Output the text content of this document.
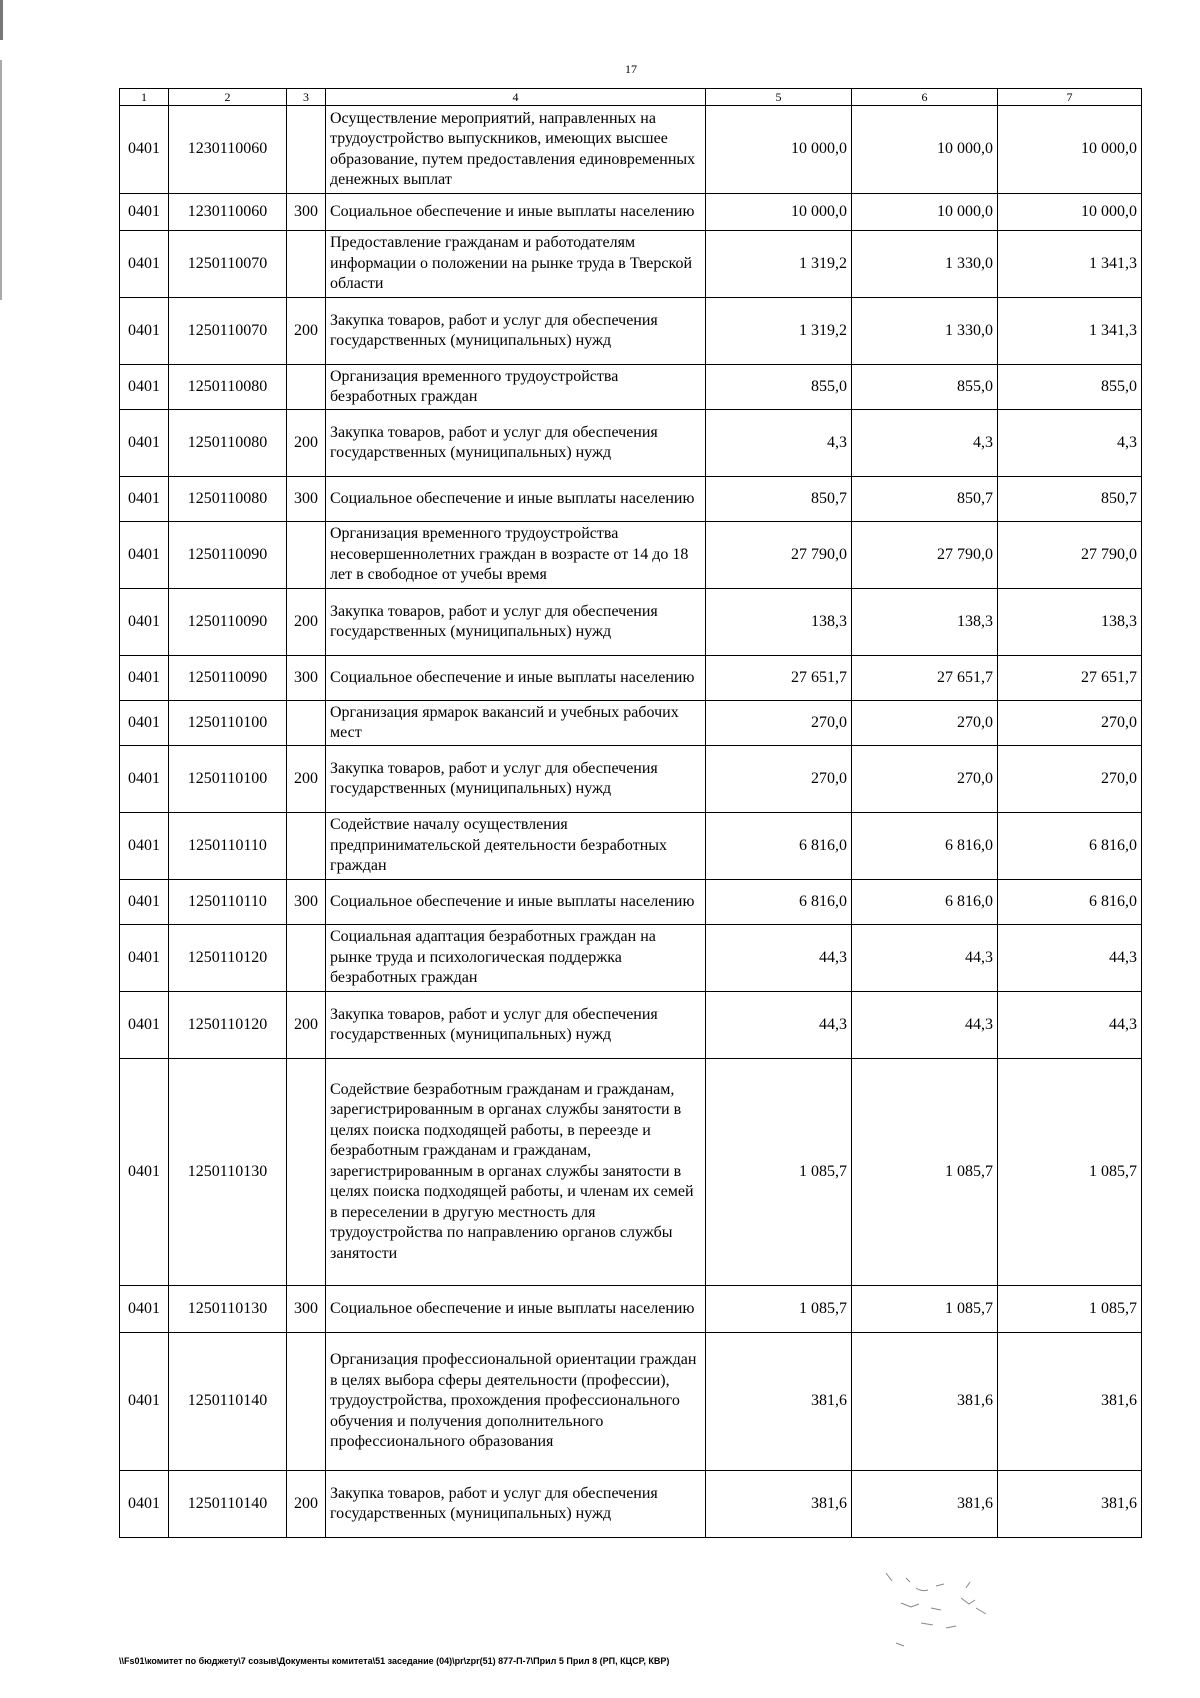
17
1	2	3	4	5	6	7
0401	1230110060		Осуществление мероприятий, направленных на трудоустройство выпускников, имеющих высшее образование, путем предоставления единовременных денежных выплат	10 000,0	10 000,0	10 000,0
0401	1230110060	300	Социальное обеспечение и иные выплаты населению	10 000,0	10 000,0	10 000,0
0401	1250110070		Предоставление гражданам и работодателям информации о положении на рынке труда в Тверской области	1 319,2	1 330,0	1 341,3
0401	1250110070	200	Закупка товаров, работ и услуг для обеспечения государственных (муниципальных) нужд	1 319,2	1 330,0	1 341,3
0401	1250110080		Организация временного трудоустройства безработных граждан	855,0	855,0	855,0
0401	1250110080	200	Закупка товаров, работ и услуг для обеспечения государственных (муниципальных) нужд	4,3	4,3	4,3
0401	1250110080	300	Социальное обеспечение и иные выплаты населению	850,7	850,7	850,7
0401	1250110090		Организация временного трудоустройства несовершеннолетних граждан в возрасте от 14 до 18 лет в свободное от учебы время	27 790,0	27 790,0	27 790,0
0401	1250110090	200	Закупка товаров, работ и услуг для обеспечения государственных (муниципальных) нужд	138,3	138,3	138,3
0401	1250110090	300	Социальное обеспечение и иные выплаты населению	27 651,7	27 651,7	27 651,7
0401	1250110100		Организация ярмарок вакансий и учебных рабочих мест	270,0	270,0	270,0
0401	1250110100	200	Закупка товаров, работ и услуг для обеспечения государственных (муниципальных) нужд	270,0	270,0	270,0
0401	1250110110		Содействие началу осуществления предпринимательской деятельности безработных граждан	6 816,0	6 816,0	6 816,0
0401	1250110110	300	Социальное обеспечение и иные выплаты населению	6 816,0	6 816,0	6 816,0
0401	1250110120		Социальная адаптация безработных граждан на рынке труда и психологическая поддержка безработных граждан	44,3	44,3	44,3
0401	1250110120	200	Закупка товаров, работ и услуг для обеспечения государственных (муниципальных) нужд	44,3	44,3	44,3
0401	1250110130		Содействие безработным гражданам и гражданам, зарегистрированным в органах службы занятости в целях поиска подходящей работы, в переезде и безработным гражданам и гражданам, зарегистрированным в органах службы занятости в целях поиска подходящей работы, и членам их семей в переселении в другую местность для трудоустройства по направлению органов службы занятости	1 085,7	1 085,7	1 085,7
0401	1250110130	300	Социальное обеспечение и иные выплаты населению	1 085,7	1 085,7	1 085,7
0401	1250110140		Организация профессиональной ориентации граждан в целях выбора сферы деятельности (профессии), трудоустройства, прохождения профессионального обучения и получения дополнительного профессионального образования	381,6	381,6	381,6
0401	1250110140	200	Закупка товаров, работ и услуг для обеспечения государственных (муниципальных) нужд	381,6	381,6	381,6
\\Fs01\комитет по бюджету\7 созыв\Документы комитета\51 заседание (04)\pr\zpr(51) 877-П-7\Прил 5 Прил 8 (РП, КЦСР, КВР)
